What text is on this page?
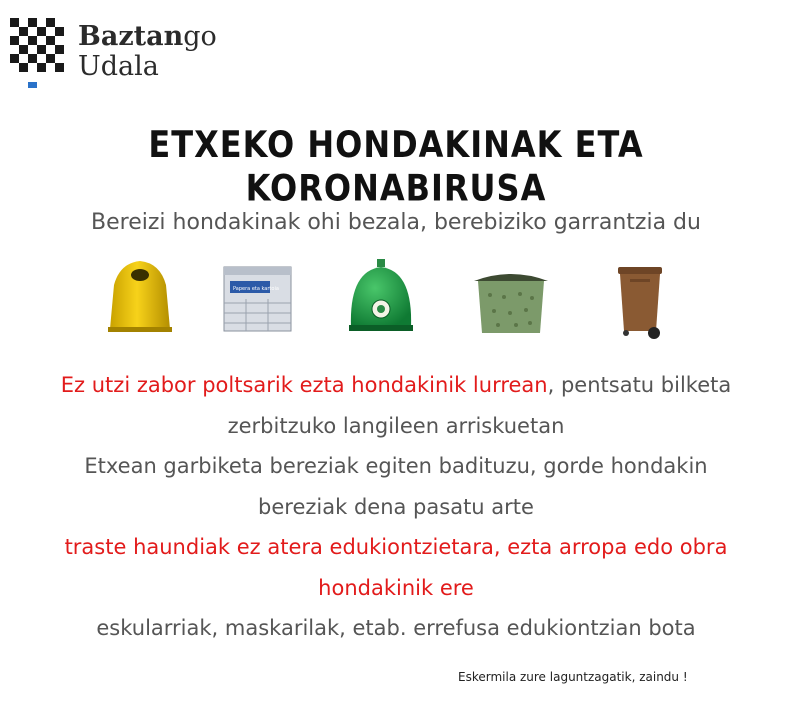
Baztango
Udala
ETXEKO HONDAKINAK ETA KORONABIRUSA
Bereizi hondakinak ohi bezala, berebiziko garrantzia du
Papera eta kartoia
Ez utzi zabor poltsarik ezta hondakinik lurrean, pentsatu bilketa
zerbitzuko langileen arriskuetan
Etxean garbiketa bereziak egiten badituzu, gorde hondakin
bereziak dena pasatu arte
traste haundiak ez atera edukiontzietara, ezta arropa edo obra
hondakinik ere
eskularriak, maskarilak, etab. errefusa edukiontzian bota
Eskermila zure laguntzagatik, zaindu !
